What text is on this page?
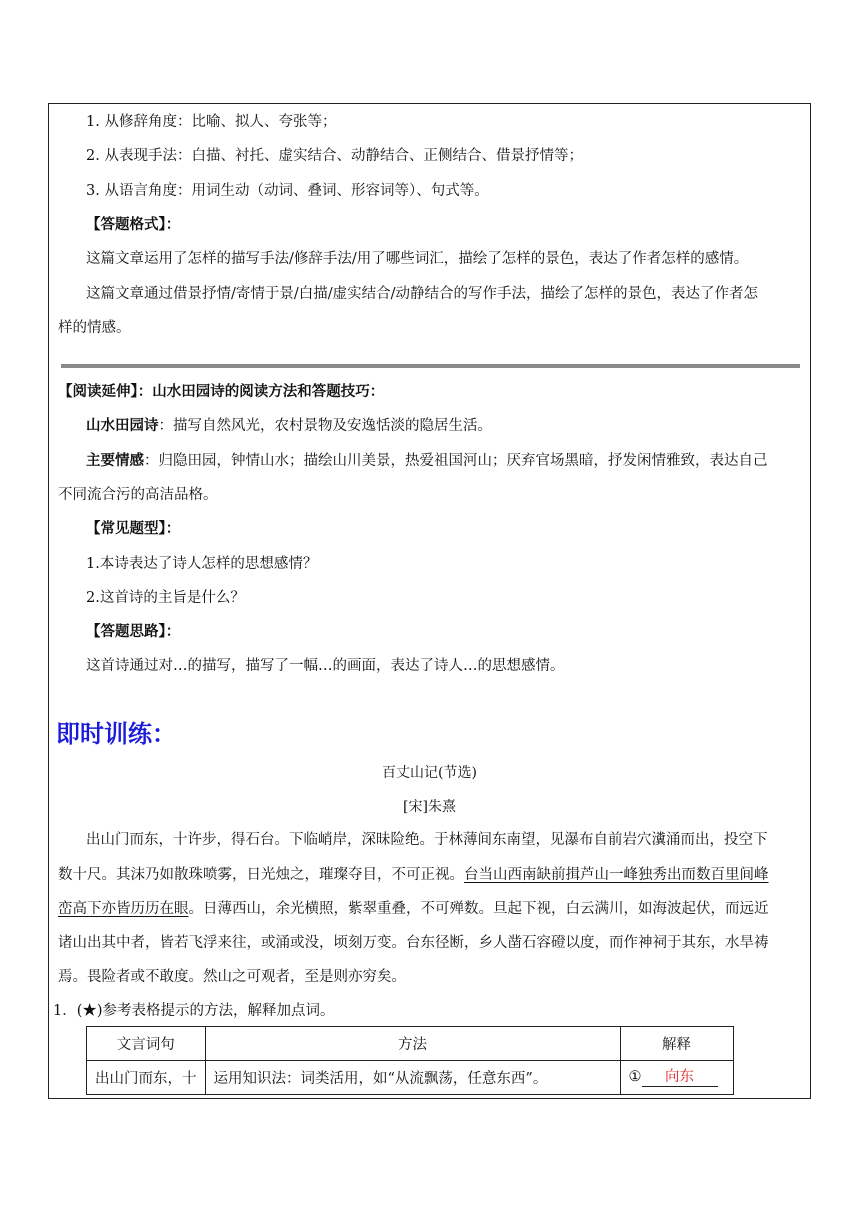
1. 从修辞角度：比喻、拟人、夸张等；
2. 从表现手法：白描、衬托、虚实结合、动静结合、正侧结合、借景抒情等；
3. 从语言角度：用词生动（动词、叠词、形容词等）、句式等。
【答题格式】：
这篇文章运用了怎样的描写手法/修辞手法/用了哪些词汇，描绘了怎样的景色，表达了作者怎样的感情。
这篇文章通过借景抒情/寄情于景/白描/虚实结合/动静结合的写作手法，描绘了怎样的景色，表达了作者怎
样的情感。
【阅读延伸】：山水田园诗的阅读方法和答题技巧：
山水田园诗：描写自然风光，农村景物及安逸恬淡的隐居生活。
主要情感：归隐田园，钟情山水；描绘山川美景，热爱祖国河山；厌弃官场黑暗，抒发闲情雅致，表达自己
不同流合污的高洁品格。
【常见题型】：
1.本诗表达了诗人怎样的思想感情？
2.这首诗的主旨是什么？
【答题思路】：
这首诗通过对…的描写，描写了一幅…的画面，表达了诗人…的思想感情。
即时训练：
百丈山记(节选)
[宋]朱熹
出山门而东，十许步，得石台。下临峭岸，深昧险绝。于林薄间东南望，见瀑布自前岩穴瀵涌而出，投空下
数十尺。其沫乃如散珠喷雾，日光烛之，璀璨夺目，不可正视。台当山西南缺前揖芦山一峰独秀出而数百里间峰
峦高下亦皆历历在眼。日薄西山，余光横照，紫翠重叠，不可殚数。旦起下视，白云满川，如海波起伏，而远近
诸山出其中者，皆若飞浮来往，或涌或没，顷刻万变。台东径断，乡人凿石容磴以度，而作神祠于其东，水旱祷
焉。畏险者或不敢度。然山之可观者，至是则亦穷矣。
1．(★)参考表格提示的方法，解释加点词。
文言词句	方法	解释
出山门而东，十	运用知识法：词类活用，如“从流飘荡，任意东西”。	① 向东
